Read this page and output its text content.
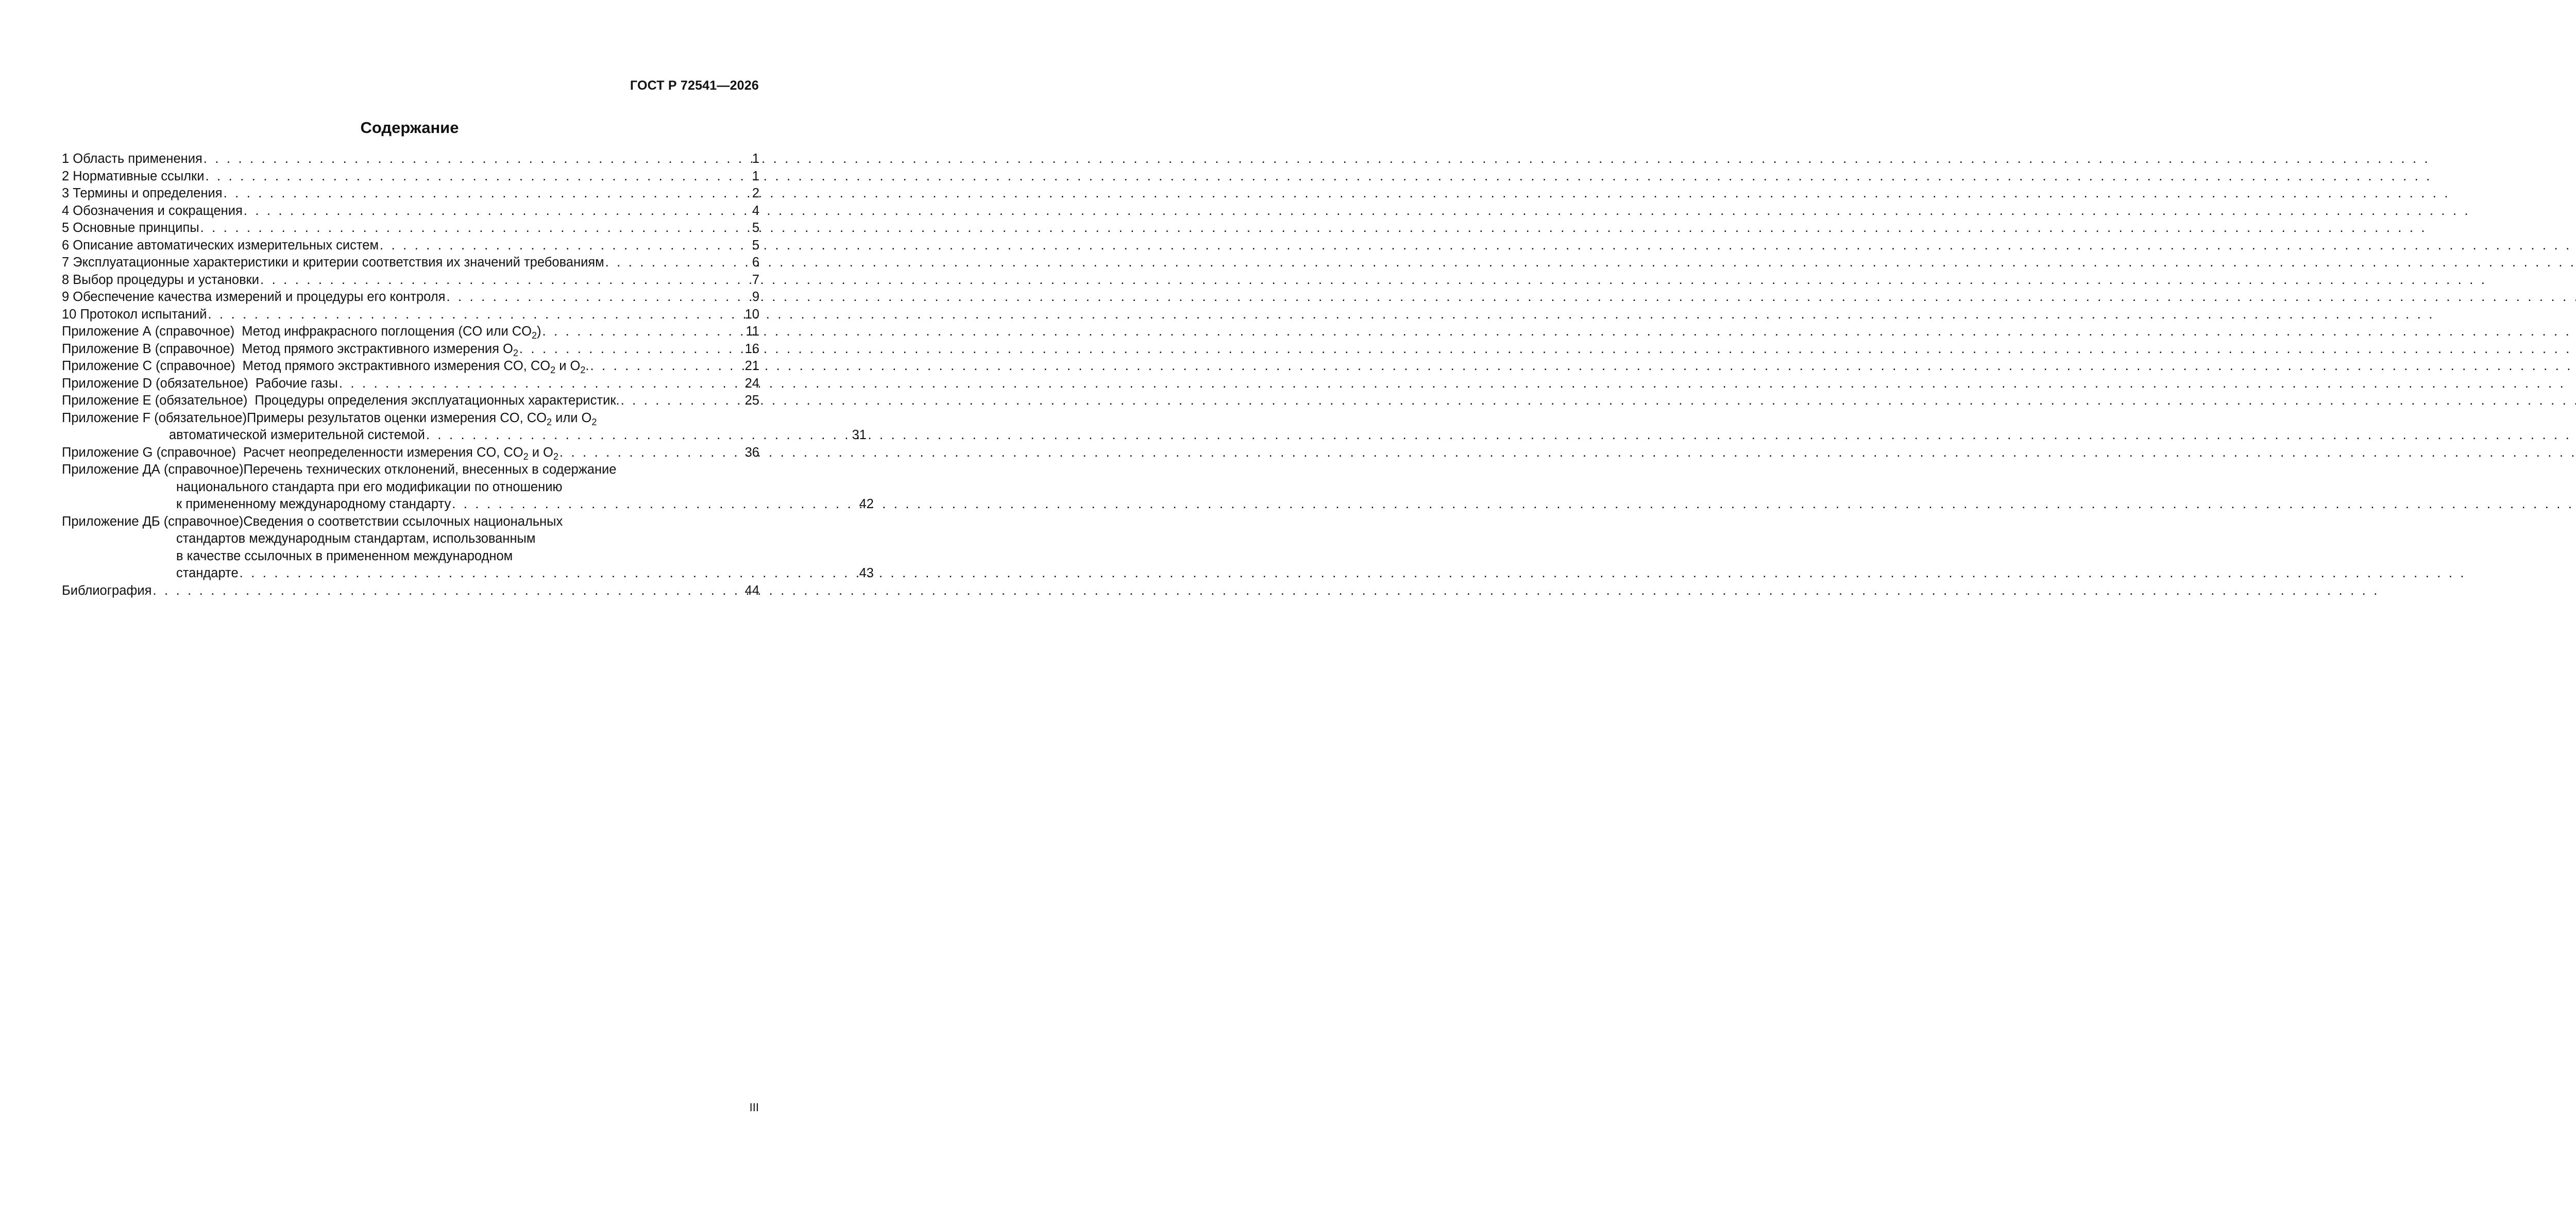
ГОСТ Р 72541—2026
Содержание
1 Область применения . . .	1
2 Нормативные ссылки . . .	1
3 Термины и определения . . .	2
4 Обозначения и сокращения . . .	4
5 Основные принципы . . .	5
6 Описание автоматических измерительных систем . . .	5
7 Эксплуатационные характеристики и критерии соответствия их значений требованиям . . .	6
8 Выбор процедуры и установки . . .	7
9 Обеспечение качества измерений и процедуры его контроля . . .	9
10 Протокол испытаний . . .	10
Приложение А (справочное) Метод инфракрасного поглощения (CO или $CO_2$) . . .	11
Приложение В (справочное) Метод прямого экстрактивного измерения $O_2$ . . .	16
Приложение С (справочное) Метод прямого экстрактивного измерения CO, $CO_2$ и $O_2$. . . .	21
Приложение D (обязательное) Рабочие газы . . .	24
Приложение Е (обязательное) Процедуры определения эксплуатационных характеристик. . . .	25
Приложение F (обязательное)Примеры результатов оценки измерения CO, $CO_2$ или $O_2$
автоматической измерительной системой . . .	31
Приложение G (справочное) Расчет неопределенности измерения CO, $CO_2$ и $O_2$ . . .	36
Приложение ДА (справочное)Перечень технических отклонений, внесенных в содержание
национального стандарта при его модификации по отношению
к примененному международному стандарту . . .	42
Приложение ДБ (справочное)Сведения о соответствии ссылочных национальных
стандартов международным стандартам, использованным
в качестве ссылочных в примененном международном
стандарте . . .	43
Библиография . . .	44
III
